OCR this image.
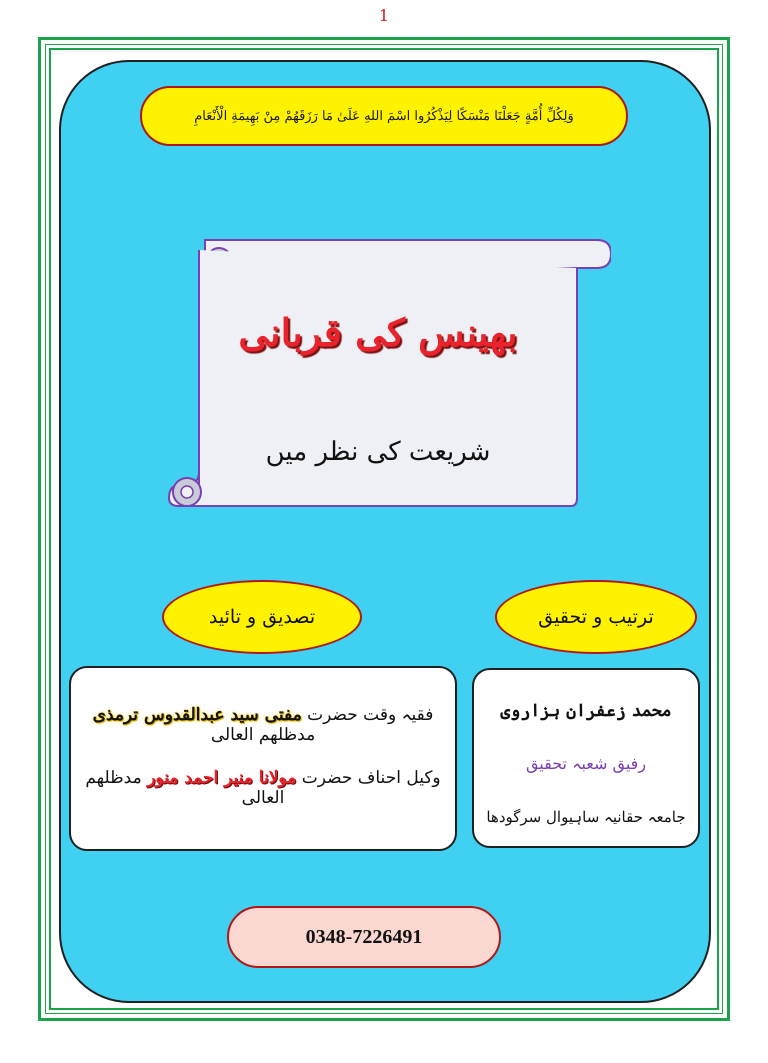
1
وَلِكُلِّ أُمَّةٍ جَعَلْنَا مَنْسَكًا لِيَذْكُرُوا اسْمَ اللهِ عَلَىٰ مَا رَزَقَهُمْ مِنْ بَهِيمَةِ الْأَنْعَامِ
بھینس کی قربانی
شریعت کی نظر میں
تصدیق و تائید	ترتیب و تحقیق
فقیہ وقت حضرت مفتی سید عبدالقدوس ترمذی مدظلھم العالی
وکیل احناف حضرت مولانا منیر احمد منور مدظلھم العالی
محمد زعفران ہزاروی
رفیق شعبہ تحقیق
جامعہ حقانیہ ساہیوال سرگودھا
0348-7226491
